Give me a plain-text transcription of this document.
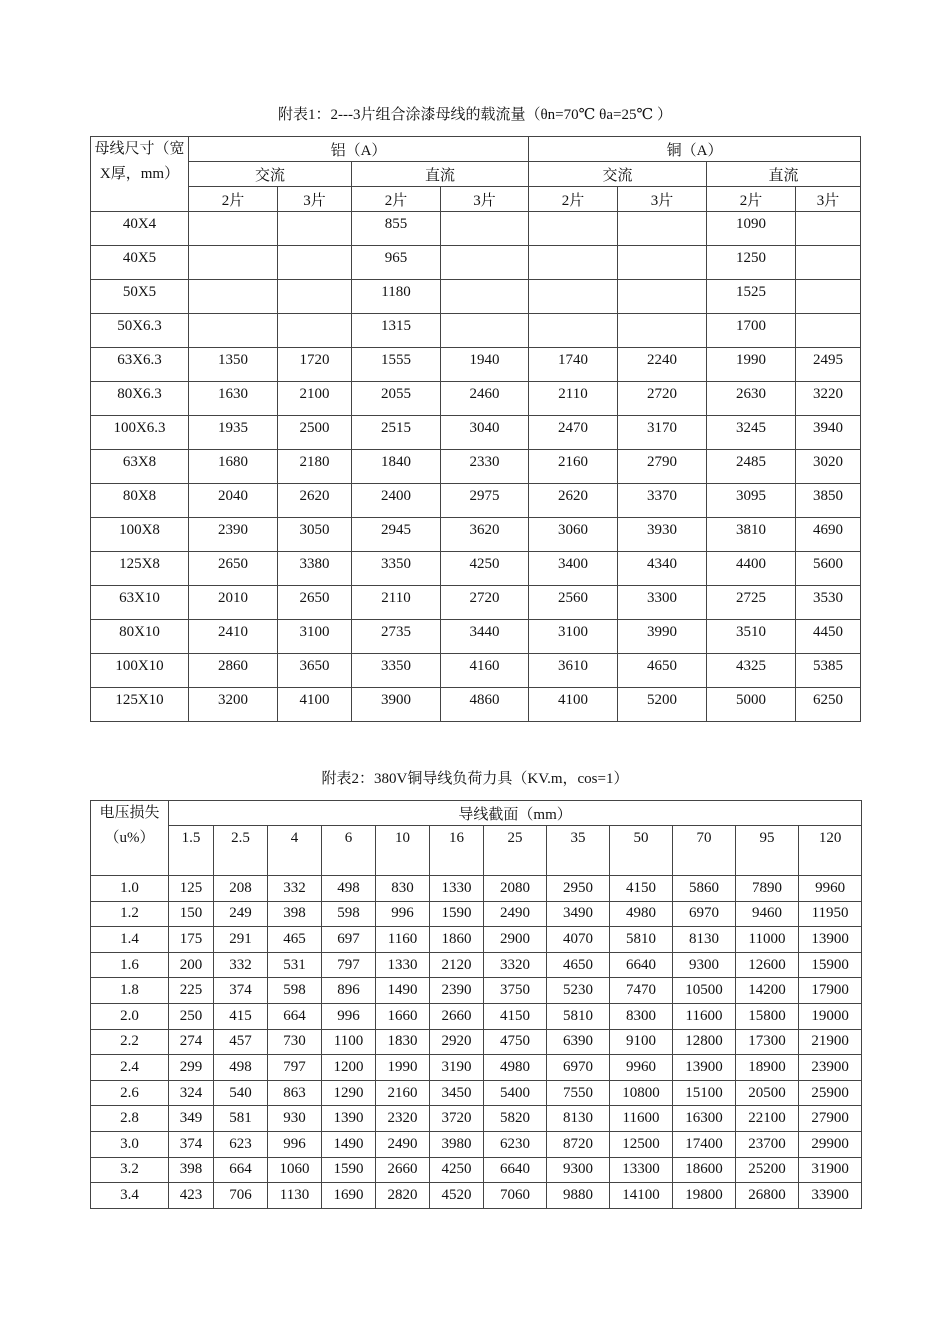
附表1：2---3片组合涂漆母线的载流量（θn=70℃ θa=25℃ ）
母线尺寸（宽X厚，mm）	铝（A）				铜（A）			
	交流		直流		交流		直流	
	2片	3片	2片	3片	2片	3片	2片	3片
40X4			855				1090	
40X5			965				1250	
50X5			1180				1525	
50X6.3			1315				1700	
63X6.3	1350	1720	1555	1940	1740	2240	1990	2495
80X6.3	1630	2100	2055	2460	2110	2720	2630	3220
100X6.3	1935	2500	2515	3040	2470	3170	3245	3940
63X8	1680	2180	1840	2330	2160	2790	2485	3020
80X8	2040	2620	2400	2975	2620	3370	3095	3850
100X8	2390	3050	2945	3620	3060	3930	3810	4690
125X8	2650	3380	3350	4250	3400	4340	4400	5600
63X10	2010	2650	2110	2720	2560	3300	2725	3530
80X10	2410	3100	2735	3440	3100	3990	3510	4450
100X10	2860	3650	3350	4160	3610	4650	4325	5385
125X10	3200	4100	3900	4860	4100	5200	5000	6250
附表2：380V铜导线负荷力具（KV.m，cos=1）
电压损失（u%）	导线截面（mm）											
	1.5	2.5	4	6	10	16	25	35	50	70	95	120
1.0	125	208	332	498	830	1330	2080	2950	4150	5860	7890	9960
1.2	150	249	398	598	996	1590	2490	3490	4980	6970	9460	11950
1.4	175	291	465	697	1160	1860	2900	4070	5810	8130	11000	13900
1.6	200	332	531	797	1330	2120	3320	4650	6640	9300	12600	15900
1.8	225	374	598	896	1490	2390	3750	5230	7470	10500	14200	17900
2.0	250	415	664	996	1660	2660	4150	5810	8300	11600	15800	19000
2.2	274	457	730	1100	1830	2920	4750	6390	9100	12800	17300	21900
2.4	299	498	797	1200	1990	3190	4980	6970	9960	13900	18900	23900
2.6	324	540	863	1290	2160	3450	5400	7550	10800	15100	20500	25900
2.8	349	581	930	1390	2320	3720	5820	8130	11600	16300	22100	27900
3.0	374	623	996	1490	2490	3980	6230	8720	12500	17400	23700	29900
3.2	398	664	1060	1590	2660	4250	6640	9300	13300	18600	25200	31900
3.4	423	706	1130	1690	2820	4520	7060	9880	14100	19800	26800	33900
